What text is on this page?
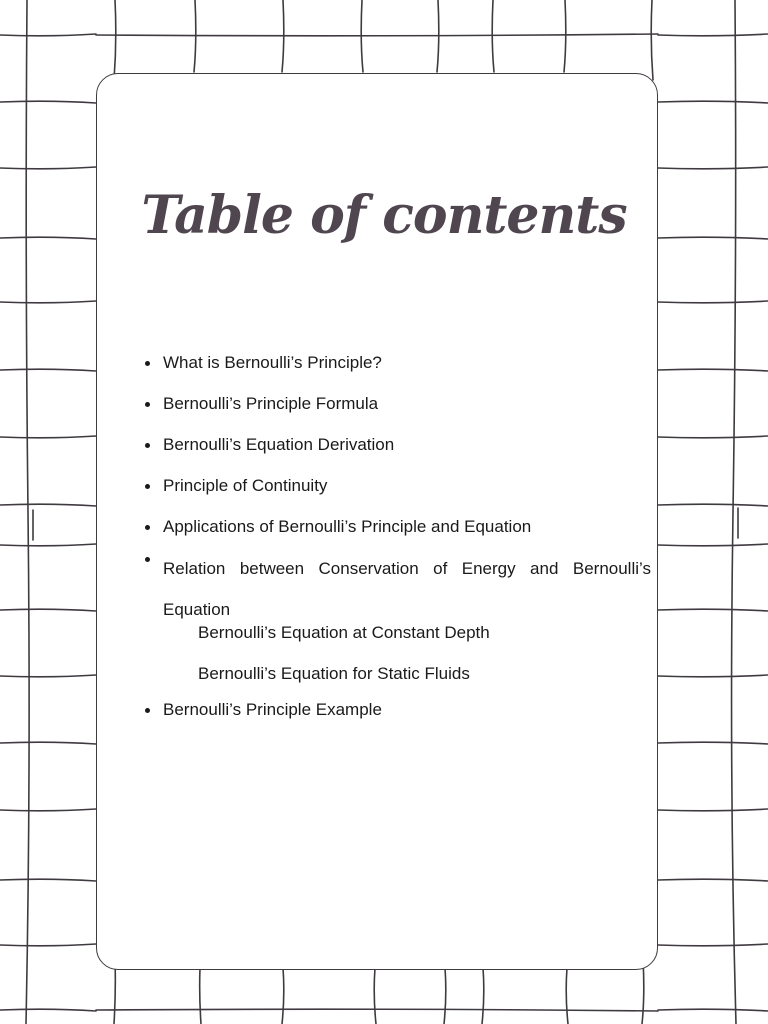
Table of contents
What is Bernoulli’s Principle?
Bernoulli’s Principle Formula
Bernoulli’s Equation Derivation
Principle of Continuity
Applications of Bernoulli’s Principle and Equation
Relation between Conservation of Energy and Bernoulli’s Equation
Bernoulli’s Equation at Constant Depth
Bernoulli’s Equation for Static Fluids
Bernoulli’s Principle Example
